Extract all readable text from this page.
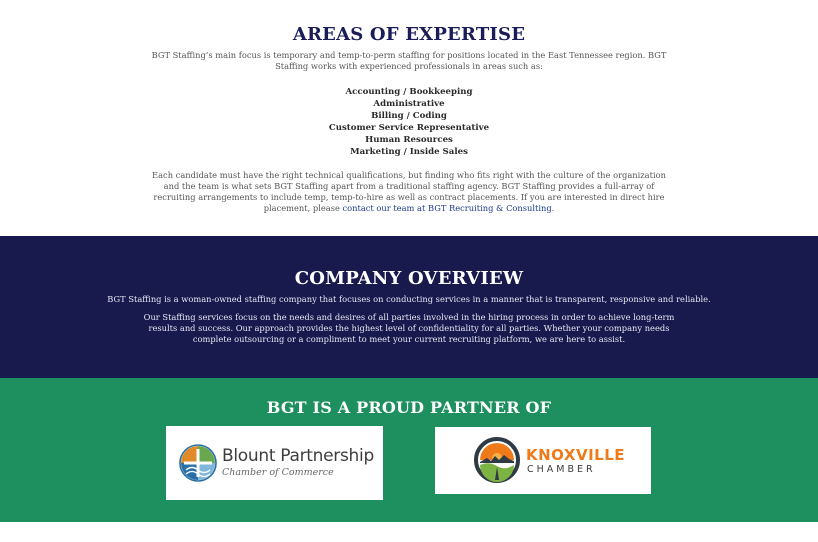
AREAS OF EXPERTISE

BGT Staffing’s main focus is temporary and temp-to-perm staffing for positions located in the East Tennessee region. BGT Staffing works with experienced professionals in areas such as:

Accounting / Bookkeeping
Administrative
Billing / Coding
Customer Service Representative
Human Resources
Marketing / Inside Sales

Each candidate must have the right technical qualifications, but finding who fits right with the culture of the organization and the team is what sets BGT Staffing apart from a traditional staffing agency. BGT Staffing provides a full-array of recruiting arrangements to include temp, temp-to-hire as well as contract placements. If you are interested in direct hire placement, please contact our team at BGT Recruiting & Consulting.

COMPANY OVERVIEW

BGT Staffing is a woman-owned staffing company that focuses on conducting services in a manner that is transparent, responsive and reliable.

Our Staffing services focus on the needs and desires of all parties involved in the hiring process in order to achieve long-term results and success. Our approach provides the highest level of confidentiality for all parties. Whether your company needs complete outsourcing or a compliment to meet your current recruiting platform, we are here to assist.

BGT IS A PROUD PARTNER OF
Blount Partnership
Chamber of Commerce
KNOXVILLE
CHAMBER
